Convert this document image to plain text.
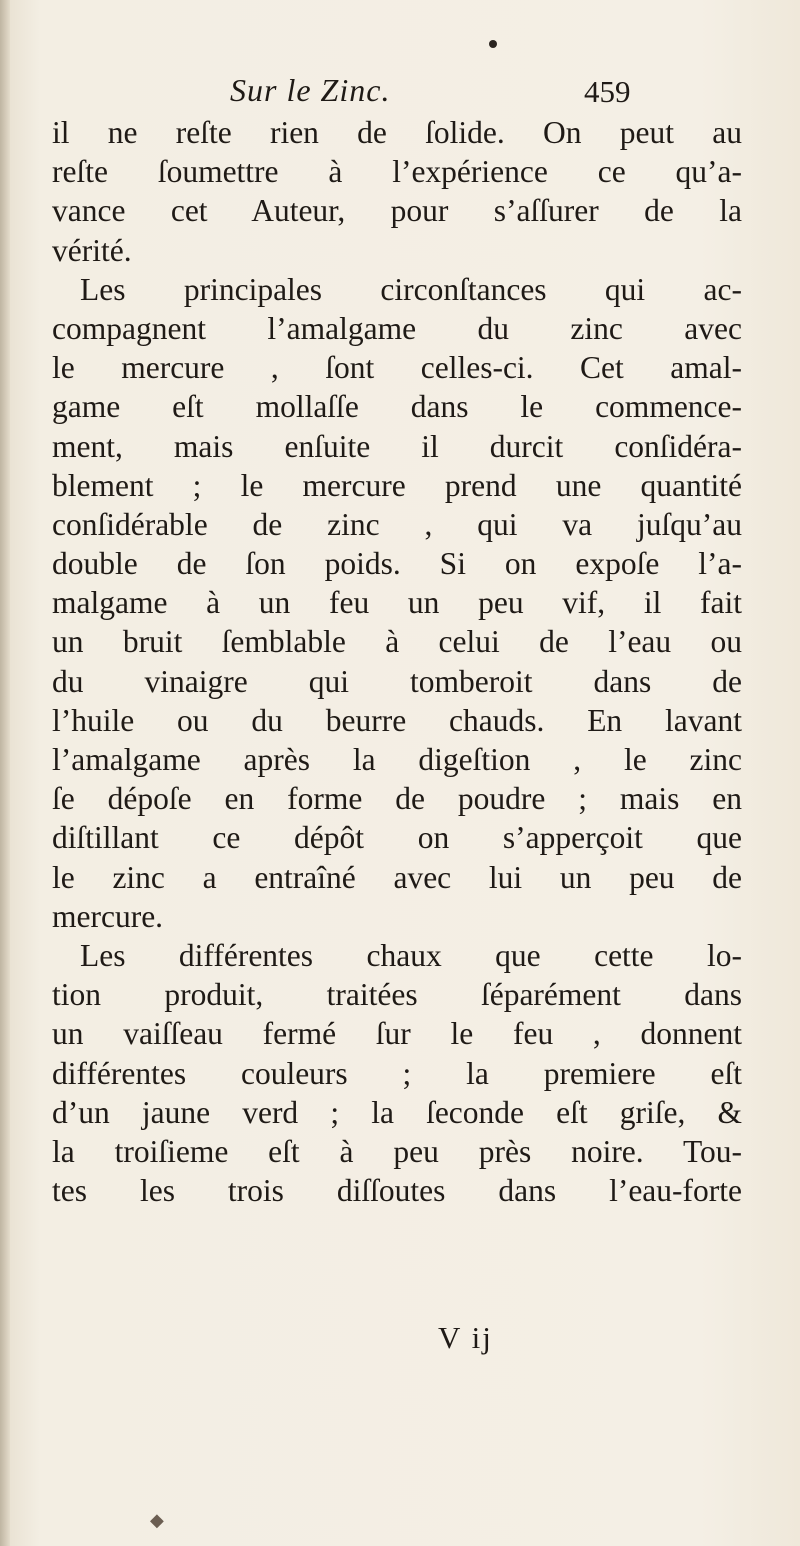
Sur le Zinc.	459
il ne reſte rien de ſolide. On peut au
reſte ſoumettre à l’expérience ce qu’a-
vance cet Auteur, pour s’aſſurer de la
vérité.
Les principales circonſtances qui ac-
compagnent l’amalgame du zinc avec
le mercure , ſont celles-ci. Cet amal-
game eſt mollaſſe dans le commence-
ment, mais enſuite il durcit conſidéra-
blement ; le mercure prend une quantité
conſidérable de zinc , qui va juſqu’au
double de ſon poids. Si on expoſe l’a-
malgame à un feu un peu vif, il fait
un bruit ſemblable à celui de l’eau ou
du vinaigre qui tomberoit dans de
l’huile ou du beurre chauds. En lavant
l’amalgame après la digeſtion , le zinc
ſe dépoſe en forme de poudre ; mais en
diſtillant ce dépôt on s’apperçoit que
le zinc a entraîné avec lui un peu de
mercure.
Les différentes chaux que cette lo-
tion produit, traitées ſéparément dans
un vaiſſeau fermé ſur le feu , donnent
différentes couleurs ; la premiere eſt
d’un jaune verd ; la ſeconde eſt griſe, &
la troiſieme eſt à peu près noire. Tou-
tes les trois diſſoutes dans l’eau-forte
V ij
◆
